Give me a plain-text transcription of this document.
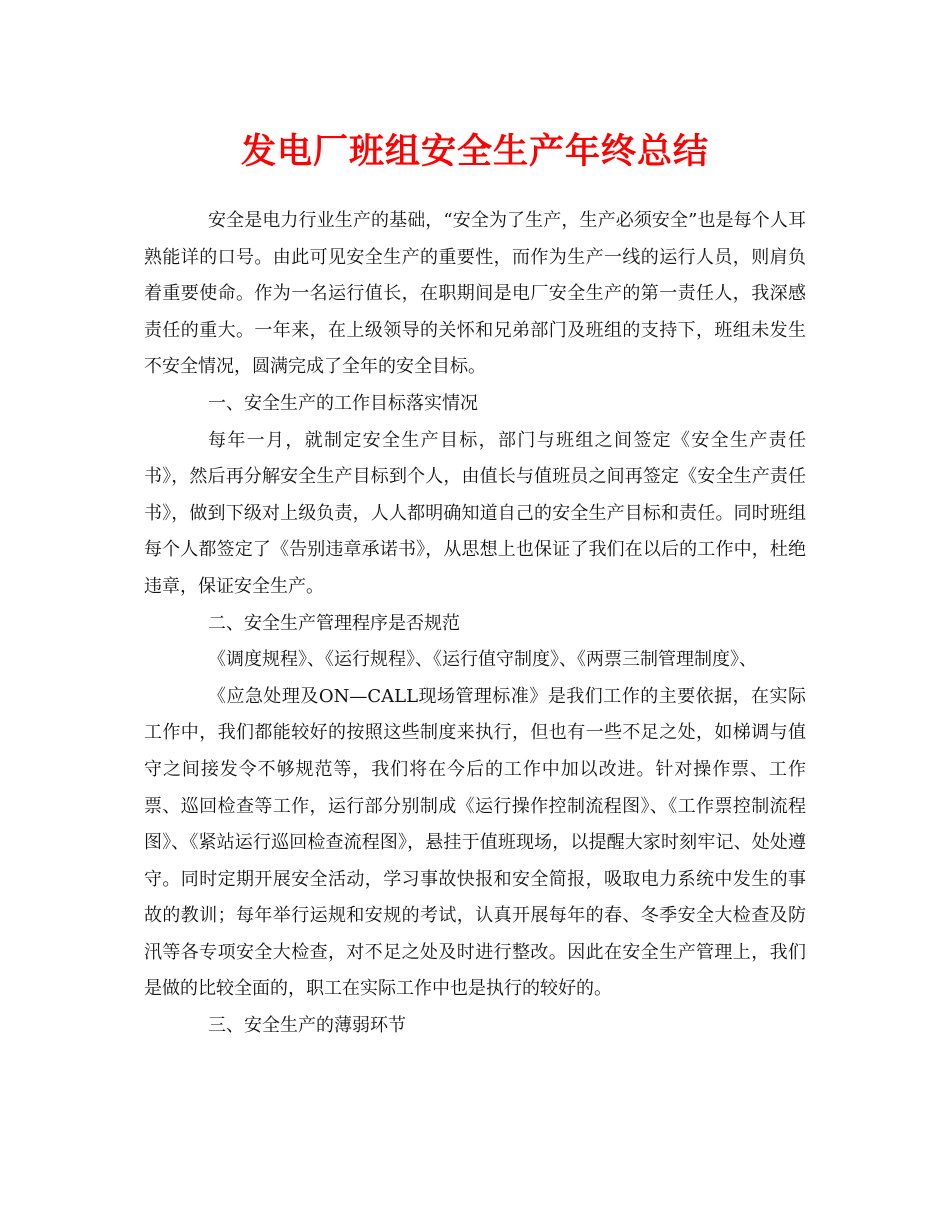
发电厂班组安全生产年终总结

安全是电力行业生产的基础，“安全为了生产，生产必须安全”也是每个人耳熟能详的口号。由此可见安全生产的重要性，而作为生产一线的运行人员，则肩负着重要使命。作为一名运行值长，在职期间是电厂安全生产的第一责任人，我深感责任的重大。一年来，在上级领导的关怀和兄弟部门及班组的支持下，班组未发生不安全情况，圆满完成了全年的安全目标。

一、安全生产的工作目标落实情况

每年一月，就制定安全生产目标，部门与班组之间签定《安全生产责任书》，然后再分解安全生产目标到个人，由值长与值班员之间再签定《安全生产责任书》，做到下级对上级负责，人人都明确知道自己的安全生产目标和责任。同时班组每个人都签定了《告别违章承诺书》，从思想上也保证了我们在以后的工作中，杜绝违章，保证安全生产。

二、安全生产管理程序是否规范

《调度规程》、《运行规程》、《运行值守制度》、《两票三制管理制度》、

《应急处理及ON—CALL现场管理标准》是我们工作的主要依据，在实际工作中，我们都能较好的按照这些制度来执行，但也有一些不足之处，如梯调与值守之间接发令不够规范等，我们将在今后的工作中加以改进。针对操作票、工作票、巡回检查等工作，运行部分别制成《运行操作控制流程图》、《工作票控制流程图》、《紧站运行巡回检查流程图》，悬挂于值班现场，以提醒大家时刻牢记、处处遵守。同时定期开展安全活动，学习事故快报和安全简报，吸取电力系统中发生的事故的教训；每年举行运规和安规的考试，认真开展每年的春、冬季安全大检查及防汛等各专项安全大检查，对不足之处及时进行整改。因此在安全生产管理上，我们是做的比较全面的，职工在实际工作中也是执行的较好的。

三、安全生产的薄弱环节
